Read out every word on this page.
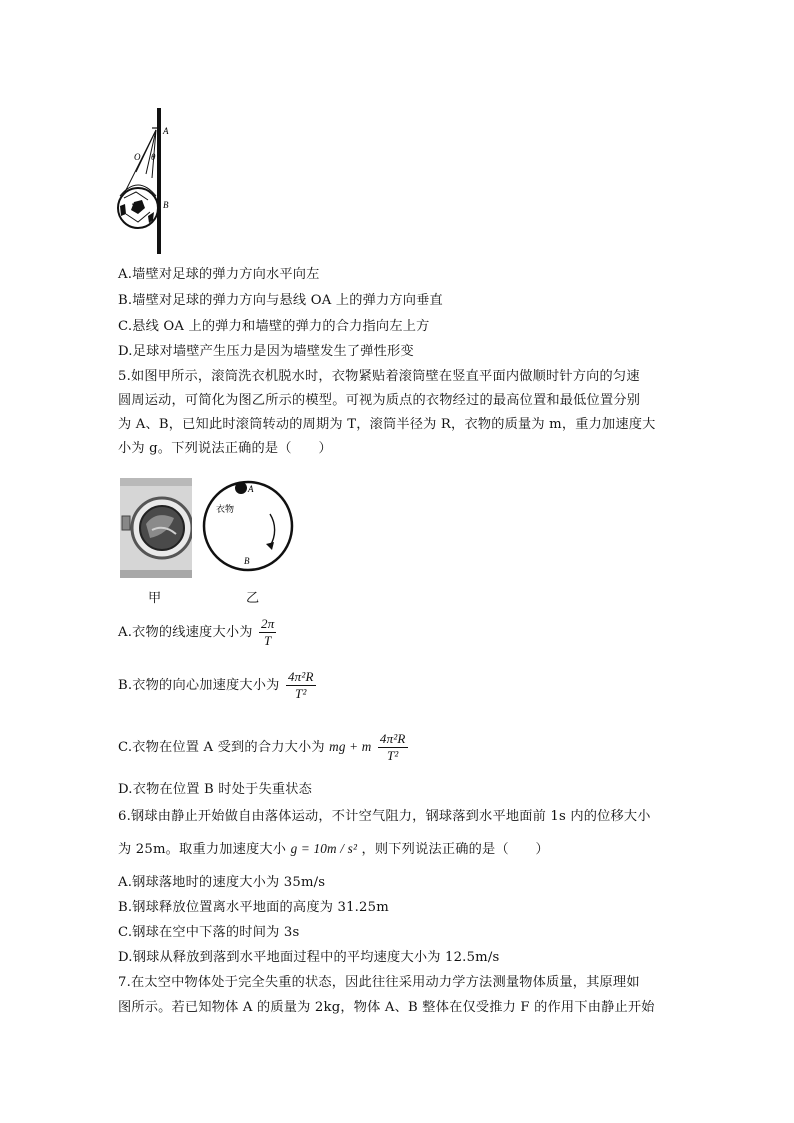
A
O θ
B
A.墙壁对足球的弹力方向水平向左
B.墙壁对足球的弹力方向与悬线 OA 上的弹力方向垂直
C.悬线 OA 上的弹力和墙壁的弹力的合力指向左上方
D.足球对墙壁产生压力是因为墙壁发生了弹性形变
5.如图甲所示，滚筒洗衣机脱水时，衣物紧贴着滚筒壁在竖直平面内做顺时针方向的匀速
圆周运动，可简化为图乙所示的模型。可视为质点的衣物经过的最高位置和最低位置分别
为 A、B，已知此时滚筒转动的周期为 T，滚筒半径为 R，衣物的质量为 m，重力加速度大
小为 g。下列说法正确的是（　　）
A
B
衣物
甲	乙
A.衣物的线速度大小为 $\frac{2\pi}{T}$
B.衣物的向心加速度大小为 $\frac{\text{4π²R}}{\text{T²}}$
C.衣物在位置 A 受到的合力大小为 mg + m $\frac{\text{4π²R}}{\text{T²}}$
D.衣物在位置 B 时处于失重状态
6.钢球由静止开始做自由落体运动，不计空气阻力，钢球落到水平地面前 1s 内的位移大小
为 25m。取重力加速度大小 g = 10m / s² ，则下列说法正确的是（　　）
A.钢球落地时的速度大小为 35m/s
B.钢球释放位置离水平地面的高度为 31.25m
C.钢球在空中下落的时间为 3s
D.钢球从释放到落到水平地面过程中的平均速度大小为 12.5m/s
7.在太空中物体处于完全失重的状态，因此往往采用动力学方法测量物体质量，其原理如
图所示。若已知物体 A 的质量为 2kg，物体 A、B 整体在仅受推力 F 的作用下由静止开始
